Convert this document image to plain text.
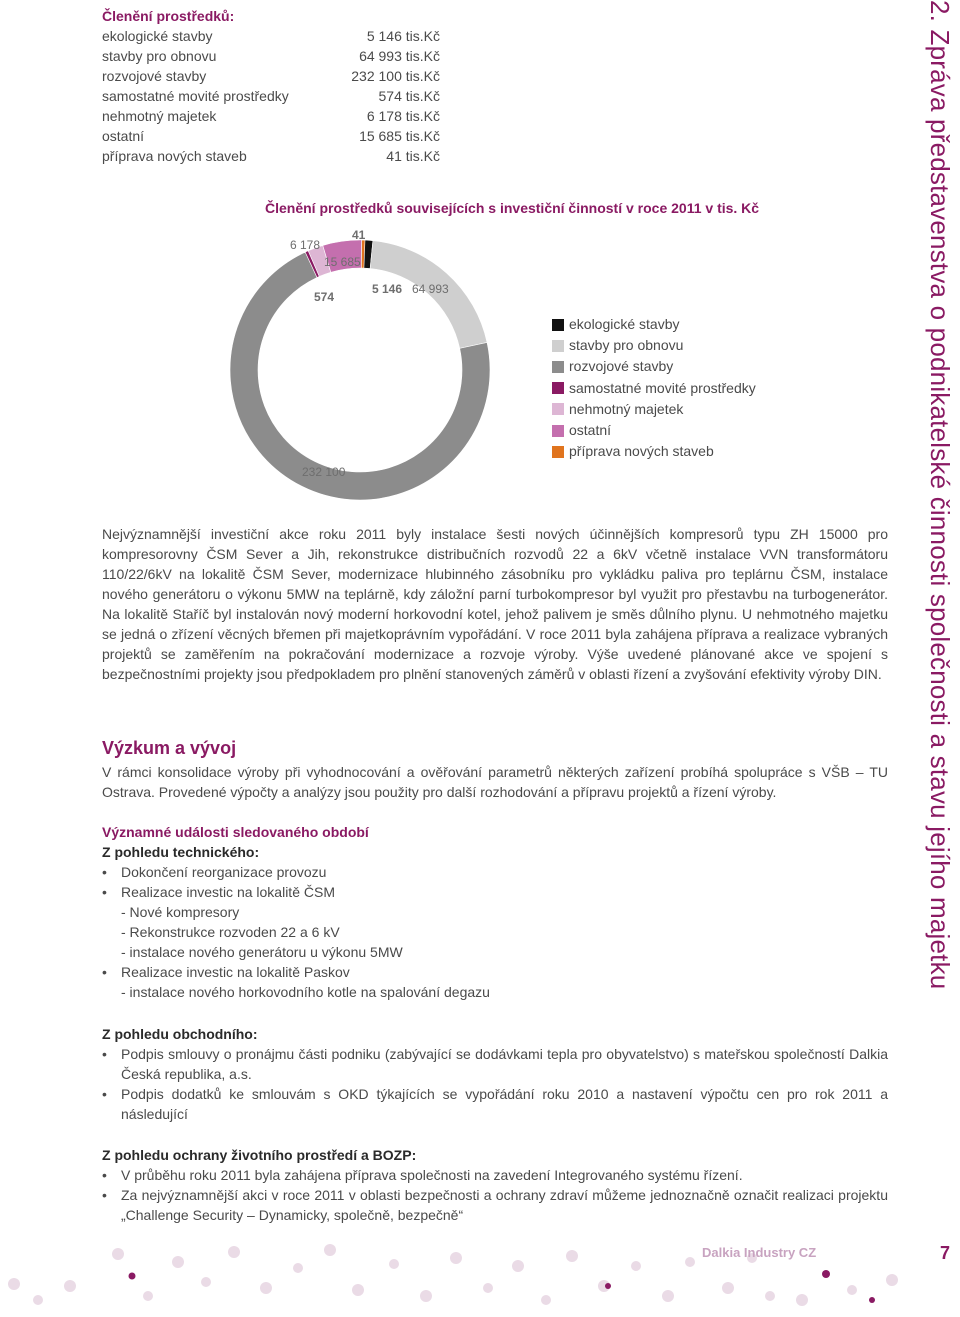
Členění prostředků:
ekologické stavby	5 146 tis.Kč
stavby pro obnovu	64 993 tis.Kč
rozvojové stavby	232 100 tis.Kč
samostatné movité prostředky	574 tis.Kč
nehmotný majetek	6 178 tis.Kč
ostatní	15 685 tis.Kč
příprava nových staveb	41 tis.Kč
Členění prostředků souvisejících s investiční činností v roce 2011 v tis. Kč
5 146 64 993
232 100
574
6 178
15 685
41
ekologické stavby
stavby pro obnovu
rozvojové stavby
samostatné movité prostředky
nehmotný majetek
ostatní
příprava nových staveb
Nejvýznamnější investiční akce roku 2011 byly instalace šesti nových účinnějších kompresorů typu ZH 15000 pro kompresorovny ČSM Sever a Jih, rekonstrukce distribučních rozvodů 22 a 6kV včetně instalace VVN transformátoru 110/22/6kV na lokalitě ČSM Sever, modernizace hlubinného zásobníku pro vykládku paliva pro teplárnu ČSM, instalace nového generátoru o výkonu 5MW na teplárně, kdy záložní parní turbokompresor byl využit pro přestavbu na turbogenerátor. Na lokalitě Staříč byl instalován nový moderní horkovodní kotel, jehož palivem je směs důlního plynu. U nehmotného majetku se jedná o zřízení věcných břemen při majetkoprávním vypořádání. V roce 2011 byla zahájena příprava a realizace vybraných projektů se zaměřením na pokračování modernizace a rozvoje výroby. Výše uvedené plánované akce ve spojení s bezpečnostními projekty jsou předpokladem pro plnění stanovených záměrů v oblasti řízení a zvyšování efektivity výroby DIN.
Výzkum a vývoj
V rámci konsolidace výroby při vyhodnocování a ověřování parametrů některých zařízení probíhá spolupráce s VŠB – TU Ostrava. Provedené výpočty a analýzy jsou použity pro další rozhodování a přípravu projektů a řízení výroby.
Významné události sledovaného období
Z pohledu technického:
• Dokončení reorganizace provozu
• Realizace investic na lokalitě ČSM
- Nové kompresory
- Rekonstrukce rozvoden 22 a 6 kV
- instalace nového generátoru u výkonu 5MW
• Realizace investic na lokalitě Paskov
- instalace nového horkovodního kotle na spalování degazu
Z pohledu obchodního:
• Podpis smlouvy o pronájmu části podniku (zabývající se dodávkami tepla pro obyvatelstvo) s mateřskou společností Dalkia Česká republika, a.s.
• Podpis dodatků ke smlouvám s OKD týkajících se vypořádání roku 2010 a nastavení výpočtu cen pro rok 2011 a následující
Z pohledu ochrany životního prostředí a BOZP:
• V průběhu roku 2011 byla zahájena příprava společnosti na zavedení Integrovaného systému řízení.
• Za nejvýznamnější akci v roce 2011 v oblasti bezpečnosti a ochrany zdraví můžeme jednoznačně označit realizaci projektu „Challenge Security – Dynamicky, společně, bezpečně“
2. Zpráva představenstva o podnikatelské činnosti společnosti a stavu jejího majetku
Dalkia Industry CZ	7
